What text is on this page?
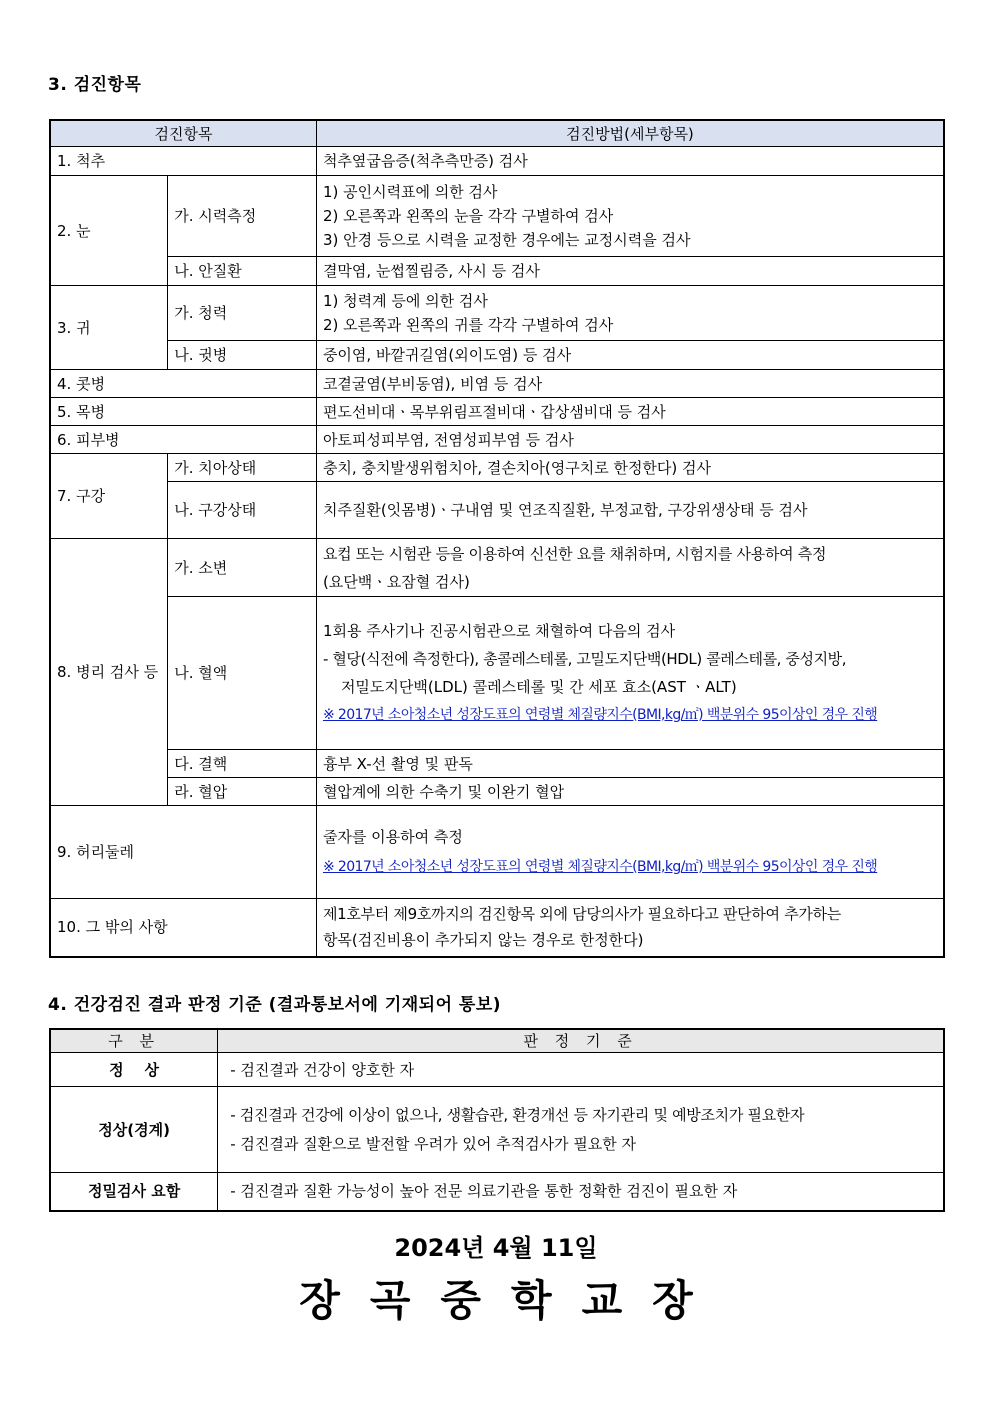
3. 검진항목
검진항목		검진방법(세부항목)
1. 척추		척추옆굽음증(척추측만증) 검사
2. 눈	가. 시력측정	1) 공인시력표에 의한 검사
2) 오른쪽과 왼쪽의 눈을 각각 구별하여 검사
3) 안경 등으로 시력을 교정한 경우에는 교정시력을 검사

	나. 안질환	결막염, 눈썹찔림증, 사시 등 검사
3. 귀	가. 청력	1) 청력계 등에 의한 검사
2) 오른쪽과 왼쪽의 귀를 각각 구별하여 검사

	나. 귓병	중이염, 바깥귀길염(외이도염) 등 검사
4. 콧병		코곁굴염(부비동염), 비염 등 검사
5. 목병		편도선비대ㆍ목부위림프절비대ㆍ갑상샘비대 등 검사
6. 피부병		아토피성피부염, 전염성피부염 등 검사
7. 구강	가. 치아상태	충치, 충치발생위험치아, 결손치아(영구치로 한정한다) 검사
	나. 구강상태	치주질환(잇몸병)ㆍ구내염 및 연조직질환, 부정교합, 구강위생상태 등 검사
8. 병리 검사 등	가. 소변	요컵 또는 시험관 등을 이용하여 신선한 요를 채취하며, 시험지를 사용하여 측정
(요단백ㆍ요잠혈 검사)

	나. 혈액	1회용 주사기나 진공시험관으로 채혈하여 다음의 검사
- 혈당(식전에 측정한다), 총콜레스테롤, 고밀도지단백(HDL) 콜레스테롤, 중성지방,
저밀도지단백(LDL) 콜레스테롤 및 간 세포 효소(AST ㆍALT)
※ 2017년 소아청소년 성장도표의 연령별 체질량지수(BMI,kg/㎡) 백분위수 95이상인 경우 진행

	다. 결핵	흉부 X-선 촬영 및 판독
	라. 혈압	혈압계에 의한 수축기 및 이완기 혈압
9. 허리둘레		줄자를 이용하여 측정
※ 2017년 소아청소년 성장도표의 연령별 체질량지수(BMI,kg/㎡) 백분위수 95이상인 경우 진행

10. 그 밖의 사항		제1호부터 제9호까지의 검진항목 외에 담당의사가 필요하다고 판단하여 추가하는
항목(검진비용이 추가되지 않는 경우로 한정한다)
4. 건강검진 결과 판정 기준 (결과통보서에 기재되어 통보)
구 분	판 정 기 준
정    상	- 검진결과 건강이 양호한 자
정상(경계)	- 검진결과 건강에 이상이 없으나, 생활습관, 환경개선 등 자기관리 및 예방조치가 필요한자
- 검진결과 질환으로 발전할 우려가 있어 추적검사가 필요한 자

정밀검사 요함	- 검진결과 질환 가능성이 높아 전문 의료기관을 통한 정확한 검진이 필요한 자
2024년 4월 11일
장곡중학교장
